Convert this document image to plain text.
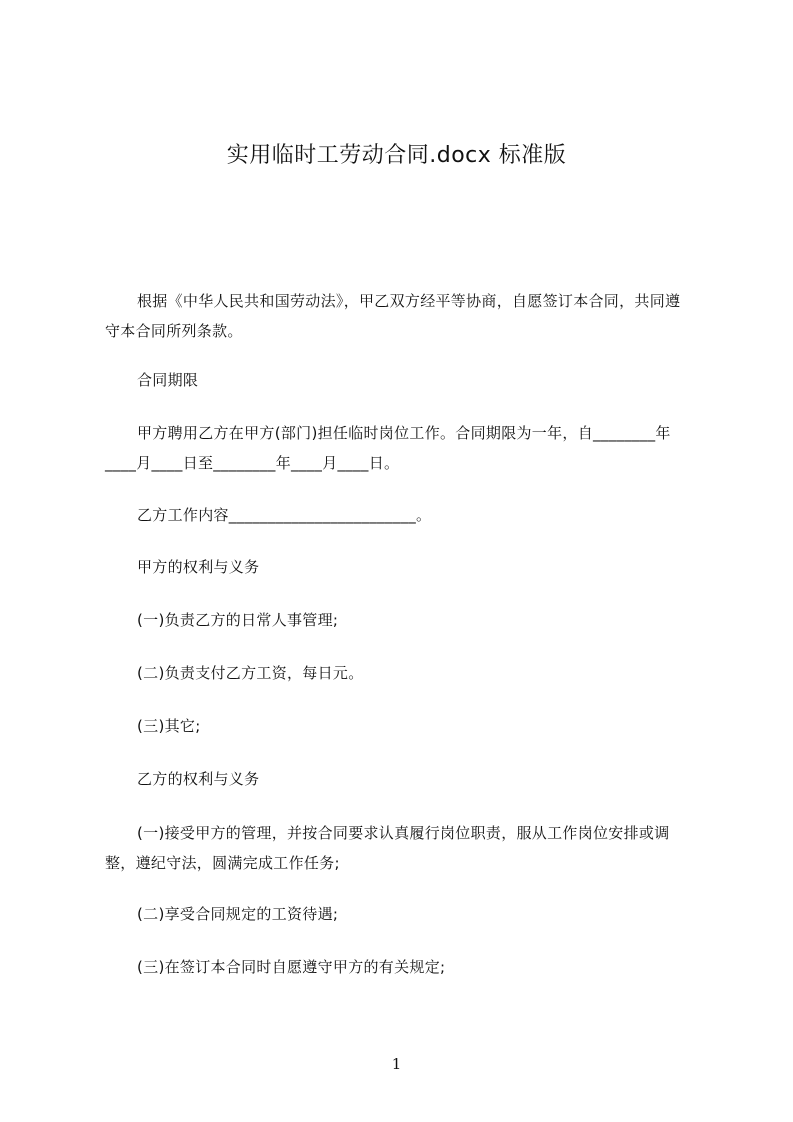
实用临时工劳动合同.docx 标准版
根据《中华人民共和国劳动法》，甲乙双方经平等协商，自愿签订本合同，共同遵守本合同所列条款。
合同期限
甲方聘用乙方在甲方(部门)担任临时岗位工作。合同期限为一年，自________年____月____日至________年____月____日。
乙方工作内容________________________。
甲方的权利与义务
(一)负责乙方的日常人事管理;
(二)负责支付乙方工资，每日元。
(三)其它;
乙方的权利与义务
(一)接受甲方的管理，并按合同要求认真履行岗位职责，服从工作岗位安排或调整，遵纪守法，圆满完成工作任务;
(二)享受合同规定的工资待遇;
(三)在签订本合同时自愿遵守甲方的有关规定;
1
